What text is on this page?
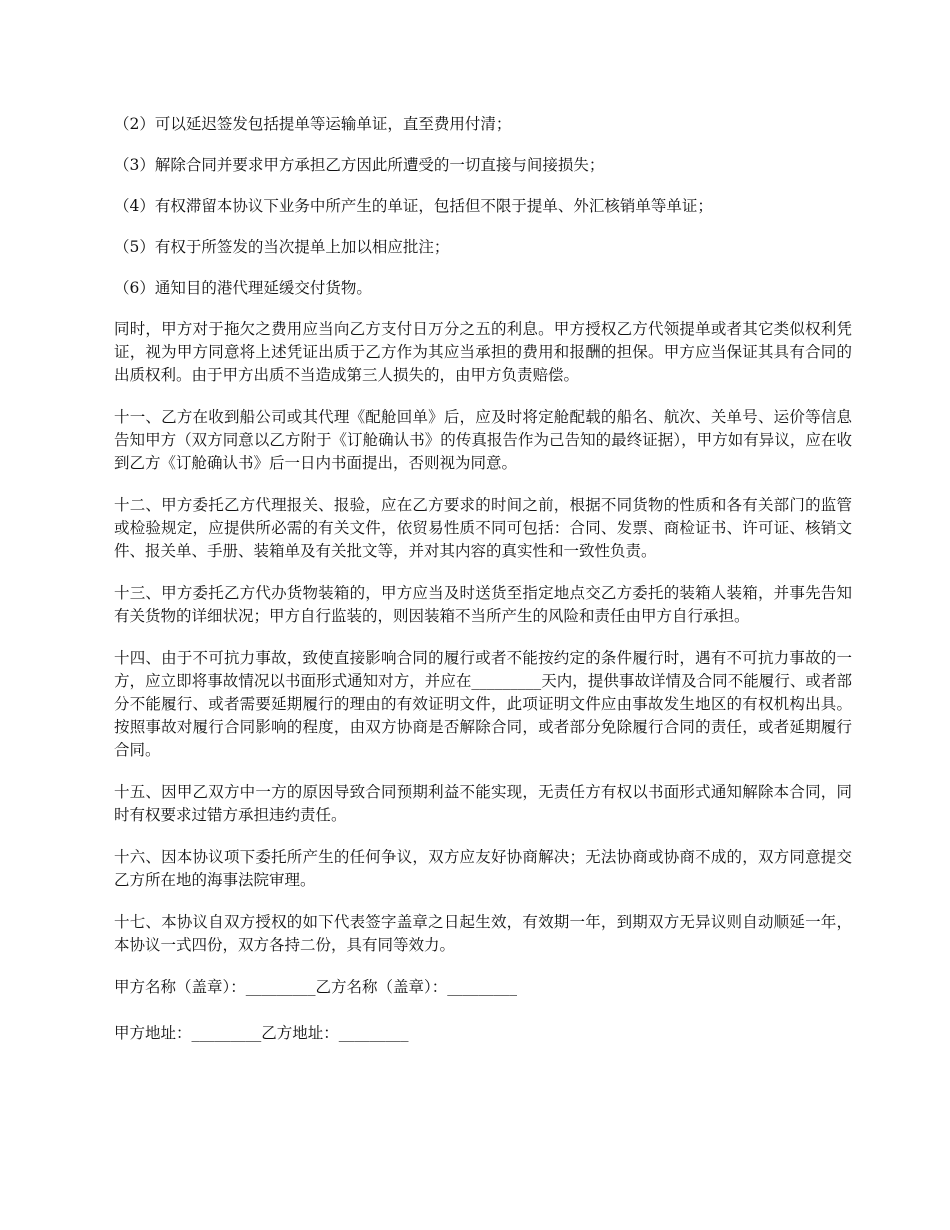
（2）可以延迟签发包括提单等运输单证，直至费用付清；

（3）解除合同并要求甲方承担乙方因此所遭受的一切直接与间接损失；

（4）有权滞留本协议下业务中所产生的单证，包括但不限于提单、外汇核销单等单证；

（5）有权于所签发的当次提单上加以相应批注；

（6）通知目的港代理延缓交付货物。

同时，甲方对于拖欠之费用应当向乙方支付日万分之五的利息。甲方授权乙方代领提单或者其它类似权利凭证，视为甲方同意将上述凭证出质于乙方作为其应当承担的费用和报酬的担保。甲方应当保证其具有合同的出质权利。由于甲方出质不当造成第三人损失的，由甲方负责赔偿。

十一、乙方在收到船公司或其代理《配舱回单》后，应及时将定舱配载的船名、航次、关单号、运价等信息告知甲方（双方同意以乙方附于《订舱确认书》的传真报告作为己告知的最终证据），甲方如有异议，应在收到乙方《订舱确认书》后一日内书面提出，否则视为同意。

十二、甲方委托乙方代理报关、报验，应在乙方要求的时间之前，根据不同货物的性质和各有关部门的监管或检验规定，应提供所必需的有关文件，依贸易性质不同可包括：合同、发票、商检证书、许可证、核销文件、报关单、手册、装箱单及有关批文等，并对其内容的真实性和一致性负责。

十三、甲方委托乙方代办货物装箱的，甲方应当及时送货至指定地点交乙方委托的装箱人装箱，并事先告知有关货物的详细状况；甲方自行监装的，则因装箱不当所产生的风险和责任由甲方自行承担。

十四、由于不可抗力事故，致使直接影响合同的履行或者不能按约定的条件履行时，遇有不可抗力事故的一方，应立即将事故情况以书面形式通知对方，并应在_________天内，提供事故详情及合同不能履行、或者部分不能履行、或者需要延期履行的理由的有效证明文件，此项证明文件应由事故发生地区的有权机构出具。按照事故对履行合同影响的程度，由双方协商是否解除合同，或者部分免除履行合同的责任，或者延期履行合同。

十五、因甲乙双方中一方的原因导致合同预期利益不能实现，无责任方有权以书面形式通知解除本合同，同时有权要求过错方承担违约责任。

十六、因本协议项下委托所产生的任何争议，双方应友好协商解决；无法协商或协商不成的，双方同意提交乙方所在地的海事法院审理。

十七、本协议自双方授权的如下代表签字盖章之日起生效，有效期一年，到期双方无异议则自动顺延一年，本协议一式四份，双方各持二份，具有同等效力。

甲方名称（盖章）：_________乙方名称（盖章）：_________
甲方地址：_________乙方地址：_________
